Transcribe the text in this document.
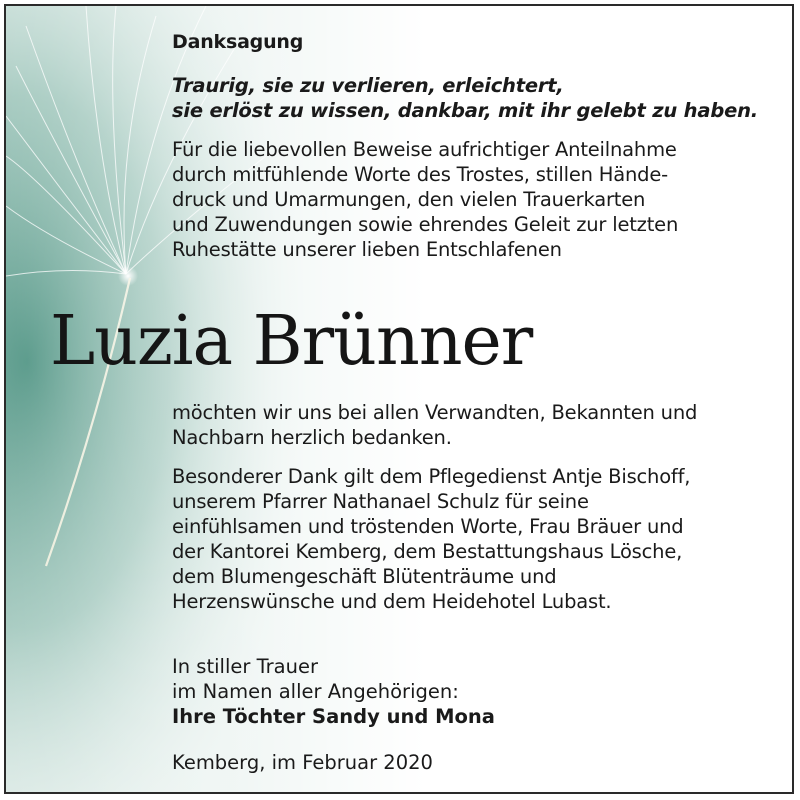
Danksagung
Traurig, sie zu verlieren, erleichtert,
sie erlöst zu wissen, dankbar, mit ihr gelebt zu haben.
Für die liebevollen Beweise aufrichtiger Anteilnahme
durch mitfühlende Worte des Trostes, stillen Hände-
druck und Umarmungen, den vielen Trauerkarten
und Zuwendungen sowie ehrendes Geleit zur letzten
Ruhestätte unserer lieben Entschlafenen
Luzia Brünner
möchten wir uns bei allen Verwandten, Bekannten und
Nachbarn herzlich bedanken.
Besonderer Dank gilt dem Pflegedienst Antje Bischoff,
unserem Pfarrer Nathanael Schulz für seine
einfühlsamen und tröstenden Worte, Frau Bräuer und
der Kantorei Kemberg, dem Bestattungshaus Lösche,
dem Blumengeschäft Blütenträume und
Herzenswünsche und dem Heidehotel Lubast.
In stiller Trauer
im Namen aller Angehörigen:
Ihre Töchter Sandy und Mona
Kemberg, im Februar 2020
